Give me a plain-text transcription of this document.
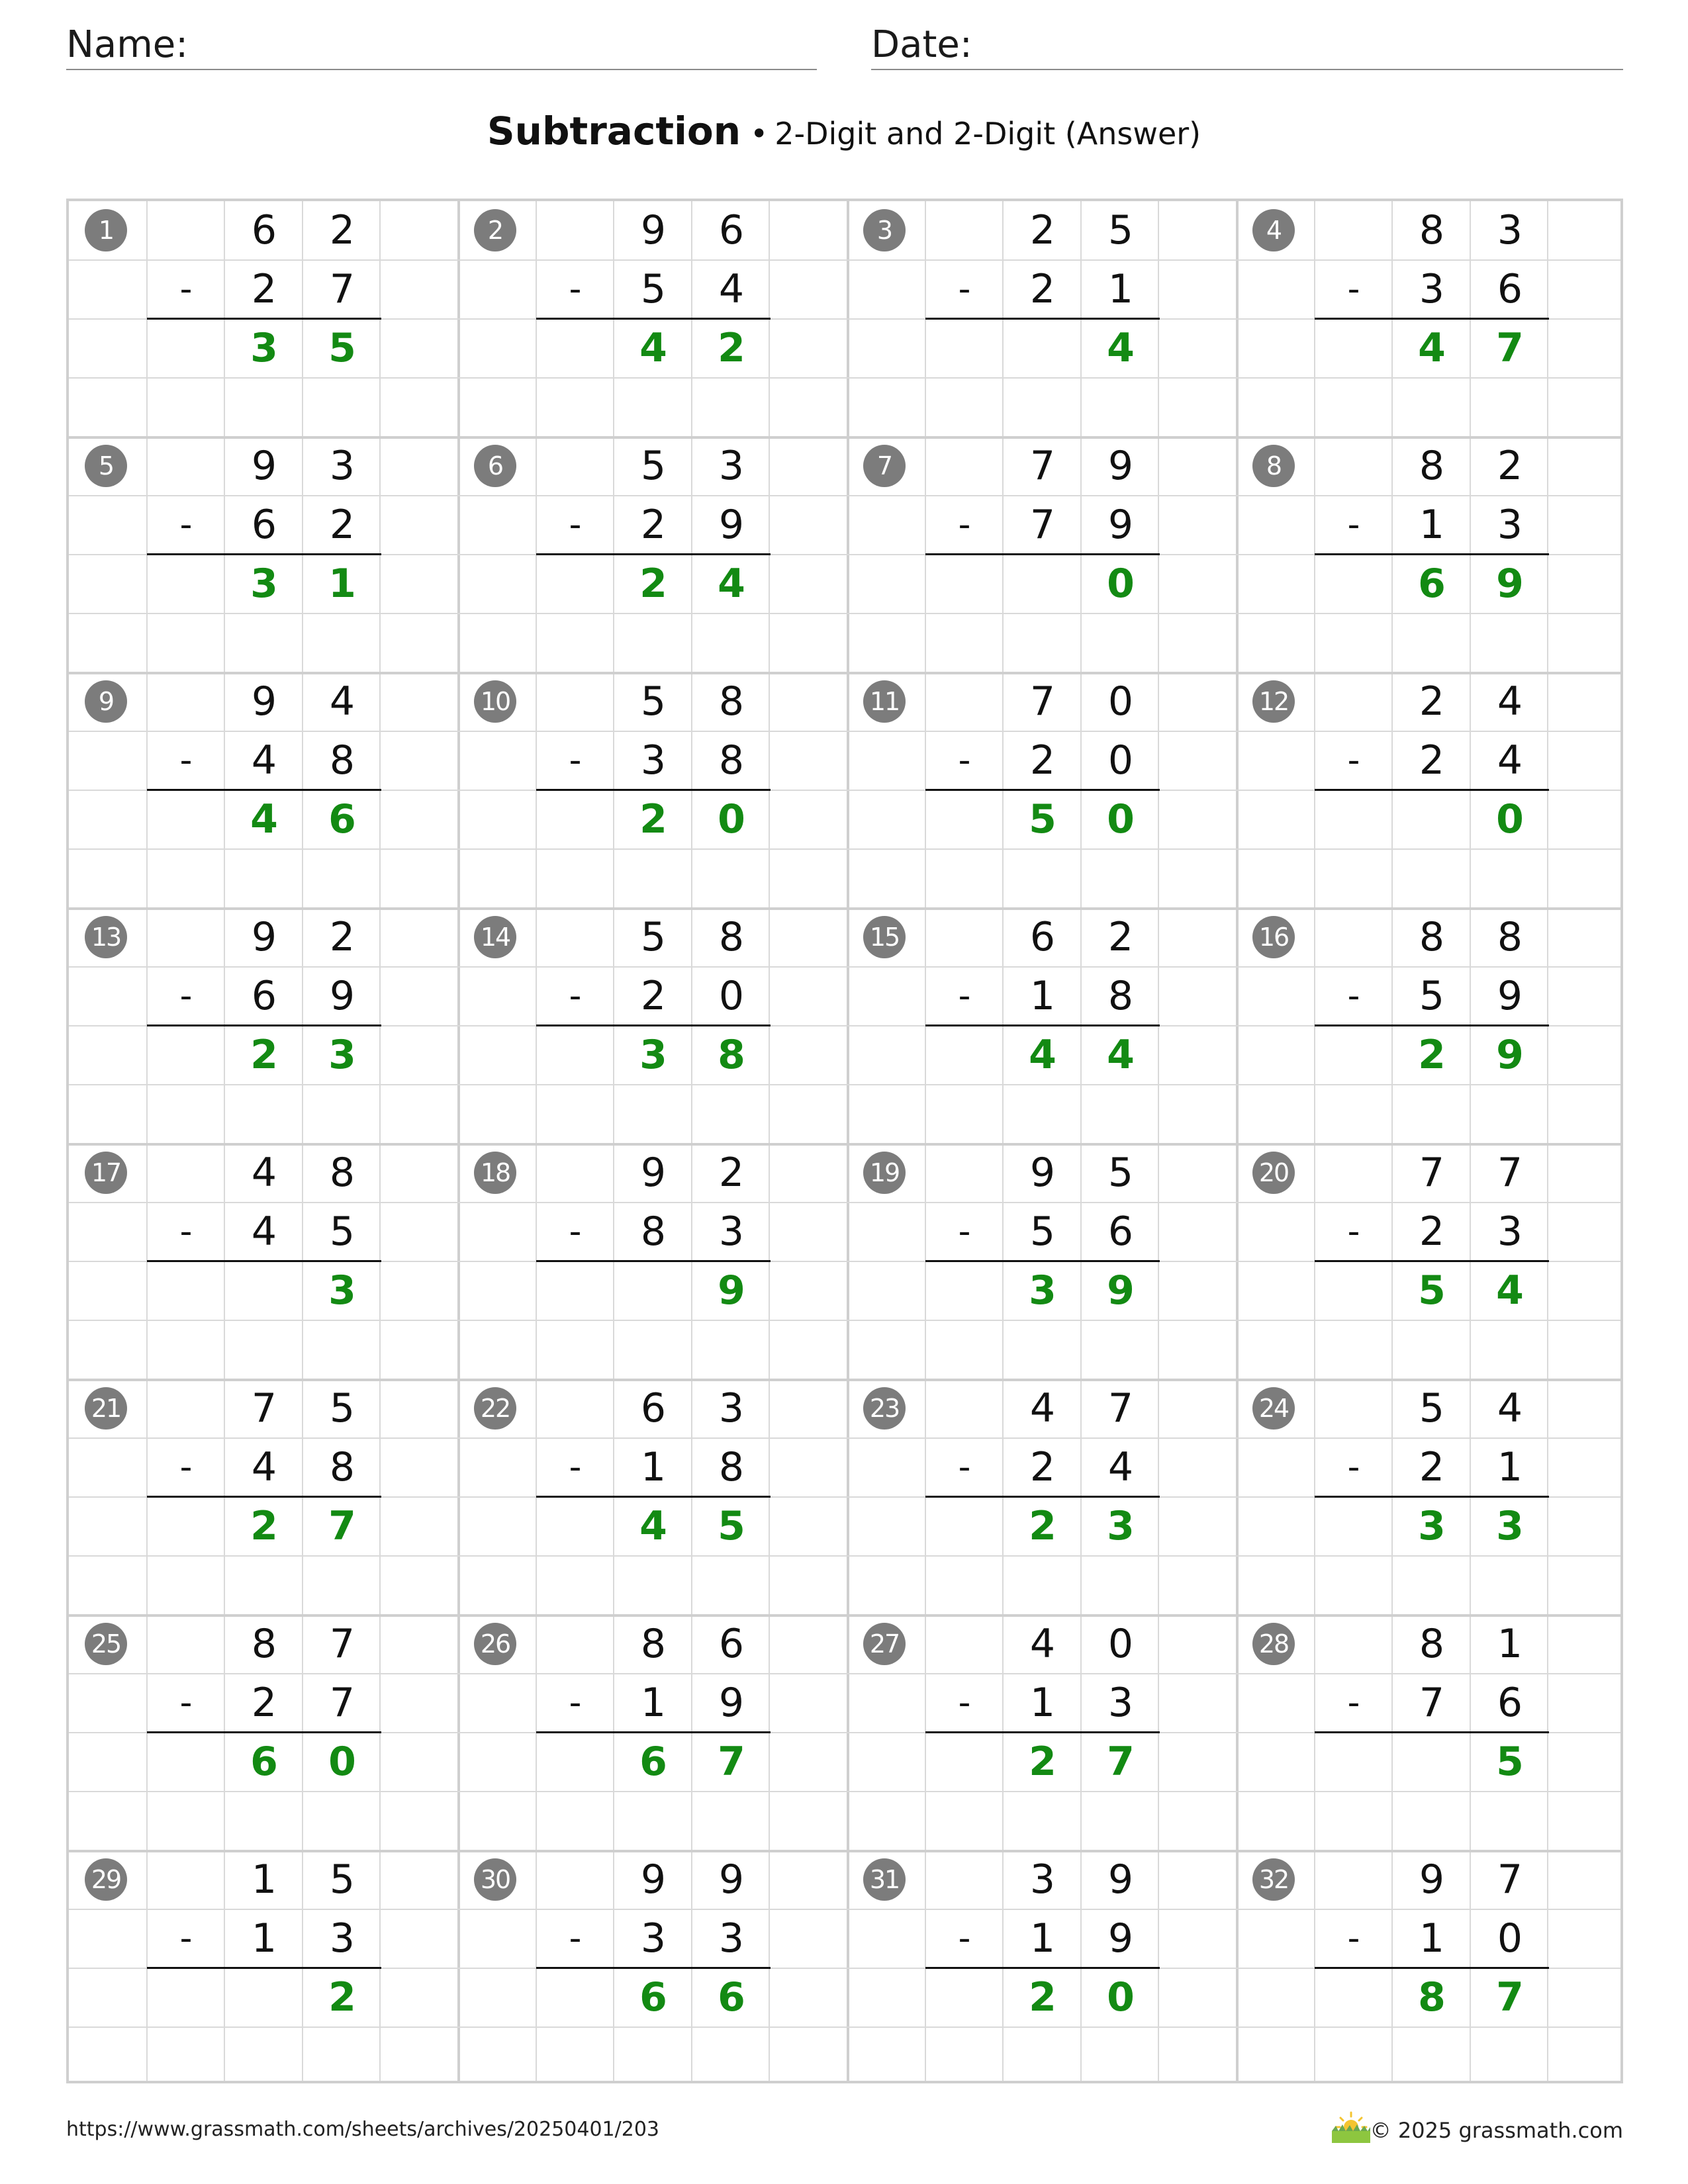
Name:	Date:
Subtraction • 2-Digit and 2-Digit (Answer)
1	6	2
-	2	7
3	5
2	9	6
-	5	4
4	2
3	2	5
-	2	1
4
4	8	3
-	3	6
4	7
5	9	3
-	6	2
3	1
6	5	3
-	2	9
2	4
7	7	9
-	7	9
0
8	8	2
-	1	3
6	9
9	9	4
-	4	8
4	6
10	5	8
-	3	8
2	0
11	7	0
-	2	0
5	0
12	2	4
-	2	4
0
13	9	2
-	6	9
2	3
14	5	8
-	2	0
3	8
15	6	2
-	1	8
4	4
16	8	8
-	5	9
2	9
17	4	8
-	4	5
3
18	9	2
-	8	3
9
19	9	5
-	5	6
3	9
20	7	7
-	2	3
5	4
21	7	5
-	4	8
2	7
22	6	3
-	1	8
4	5
23	4	7
-	2	4
2	3
24	5	4
-	2	1
3	3
25	8	7
-	2	7
6	0
26	8	6
-	1	9
6	7
27	4	0
-	1	3
2	7
28	8	1
-	7	6
5
29	1	5
-	1	3
2
30	9	9
-	3	3
6	6
31	3	9
-	1	9
2	0
32	9	7
-	1	0
8	7
https://www.grassmath.com/sheets/archives/20250401/203	© 2025 grassmath.com
